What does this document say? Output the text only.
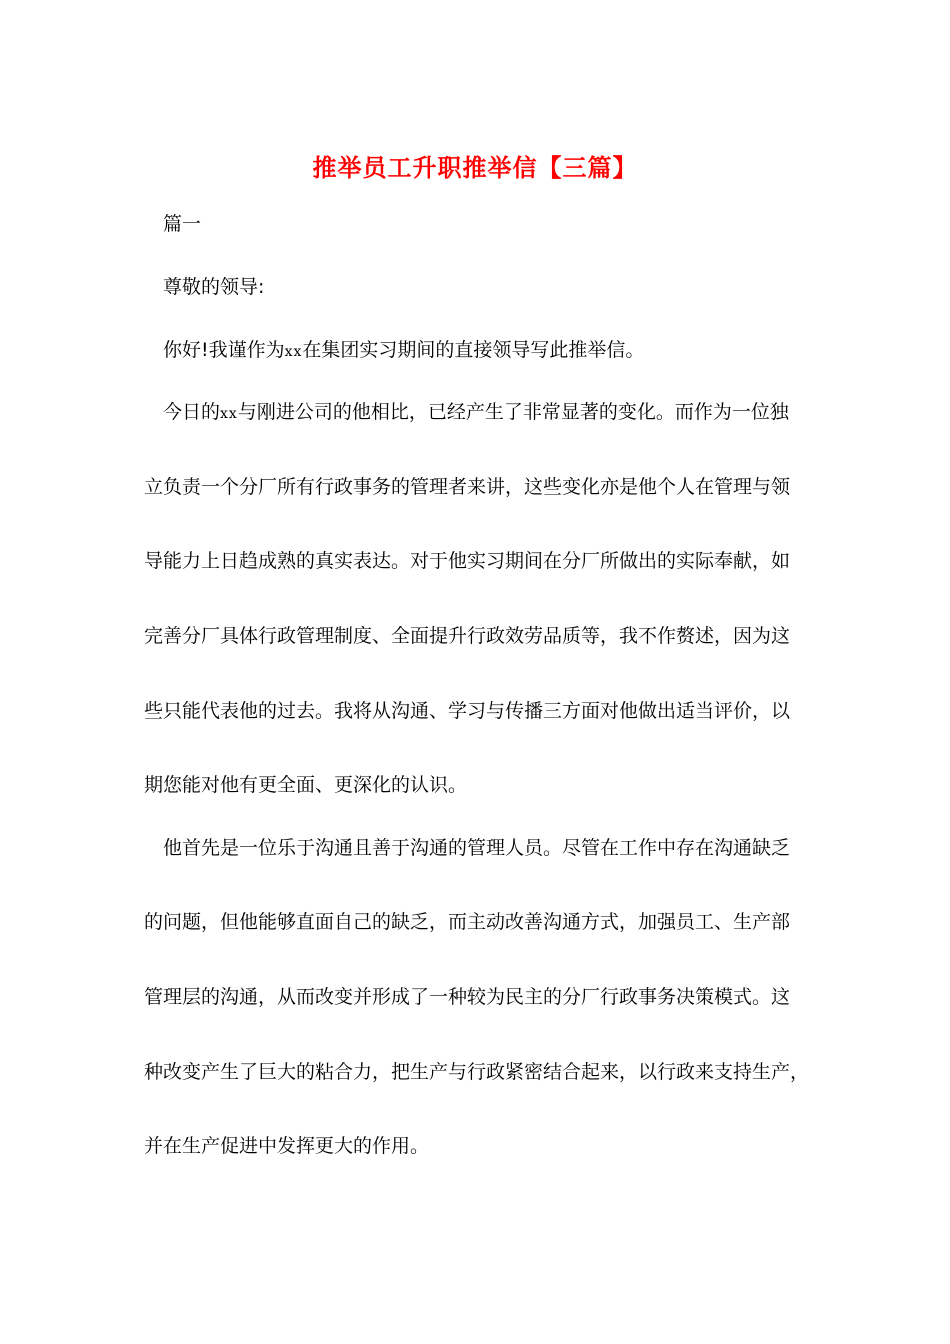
推举员工升职推举信【三篇】
篇一
尊敬的领导:
你好!我谨作为xx在集团实习期间的直接领导写此推举信。
今日的xx与刚进公司的他相比，已经产生了非常显著的变化。而作为一位独
立负责一个分厂所有行政事务的管理者来讲，这些变化亦是他个人在管理与领
导能力上日趋成熟的真实表达。对于他实习期间在分厂所做出的实际奉献，如
完善分厂具体行政管理制度、全面提升行政效劳品质等，我不作赘述，因为这
些只能代表他的过去。我将从沟通、学习与传播三方面对他做出适当评价，以
期您能对他有更全面、更深化的认识。
他首先是一位乐于沟通且善于沟通的管理人员。尽管在工作中存在沟通缺乏
的问题，但他能够直面自己的缺乏，而主动改善沟通方式，加强员工、生产部
管理层的沟通，从而改变并形成了一种较为民主的分厂行政事务决策模式。这
种改变产生了巨大的粘合力，把生产与行政紧密结合起来，以行政来支持生产，
并在生产促进中发挥更大的作用。
